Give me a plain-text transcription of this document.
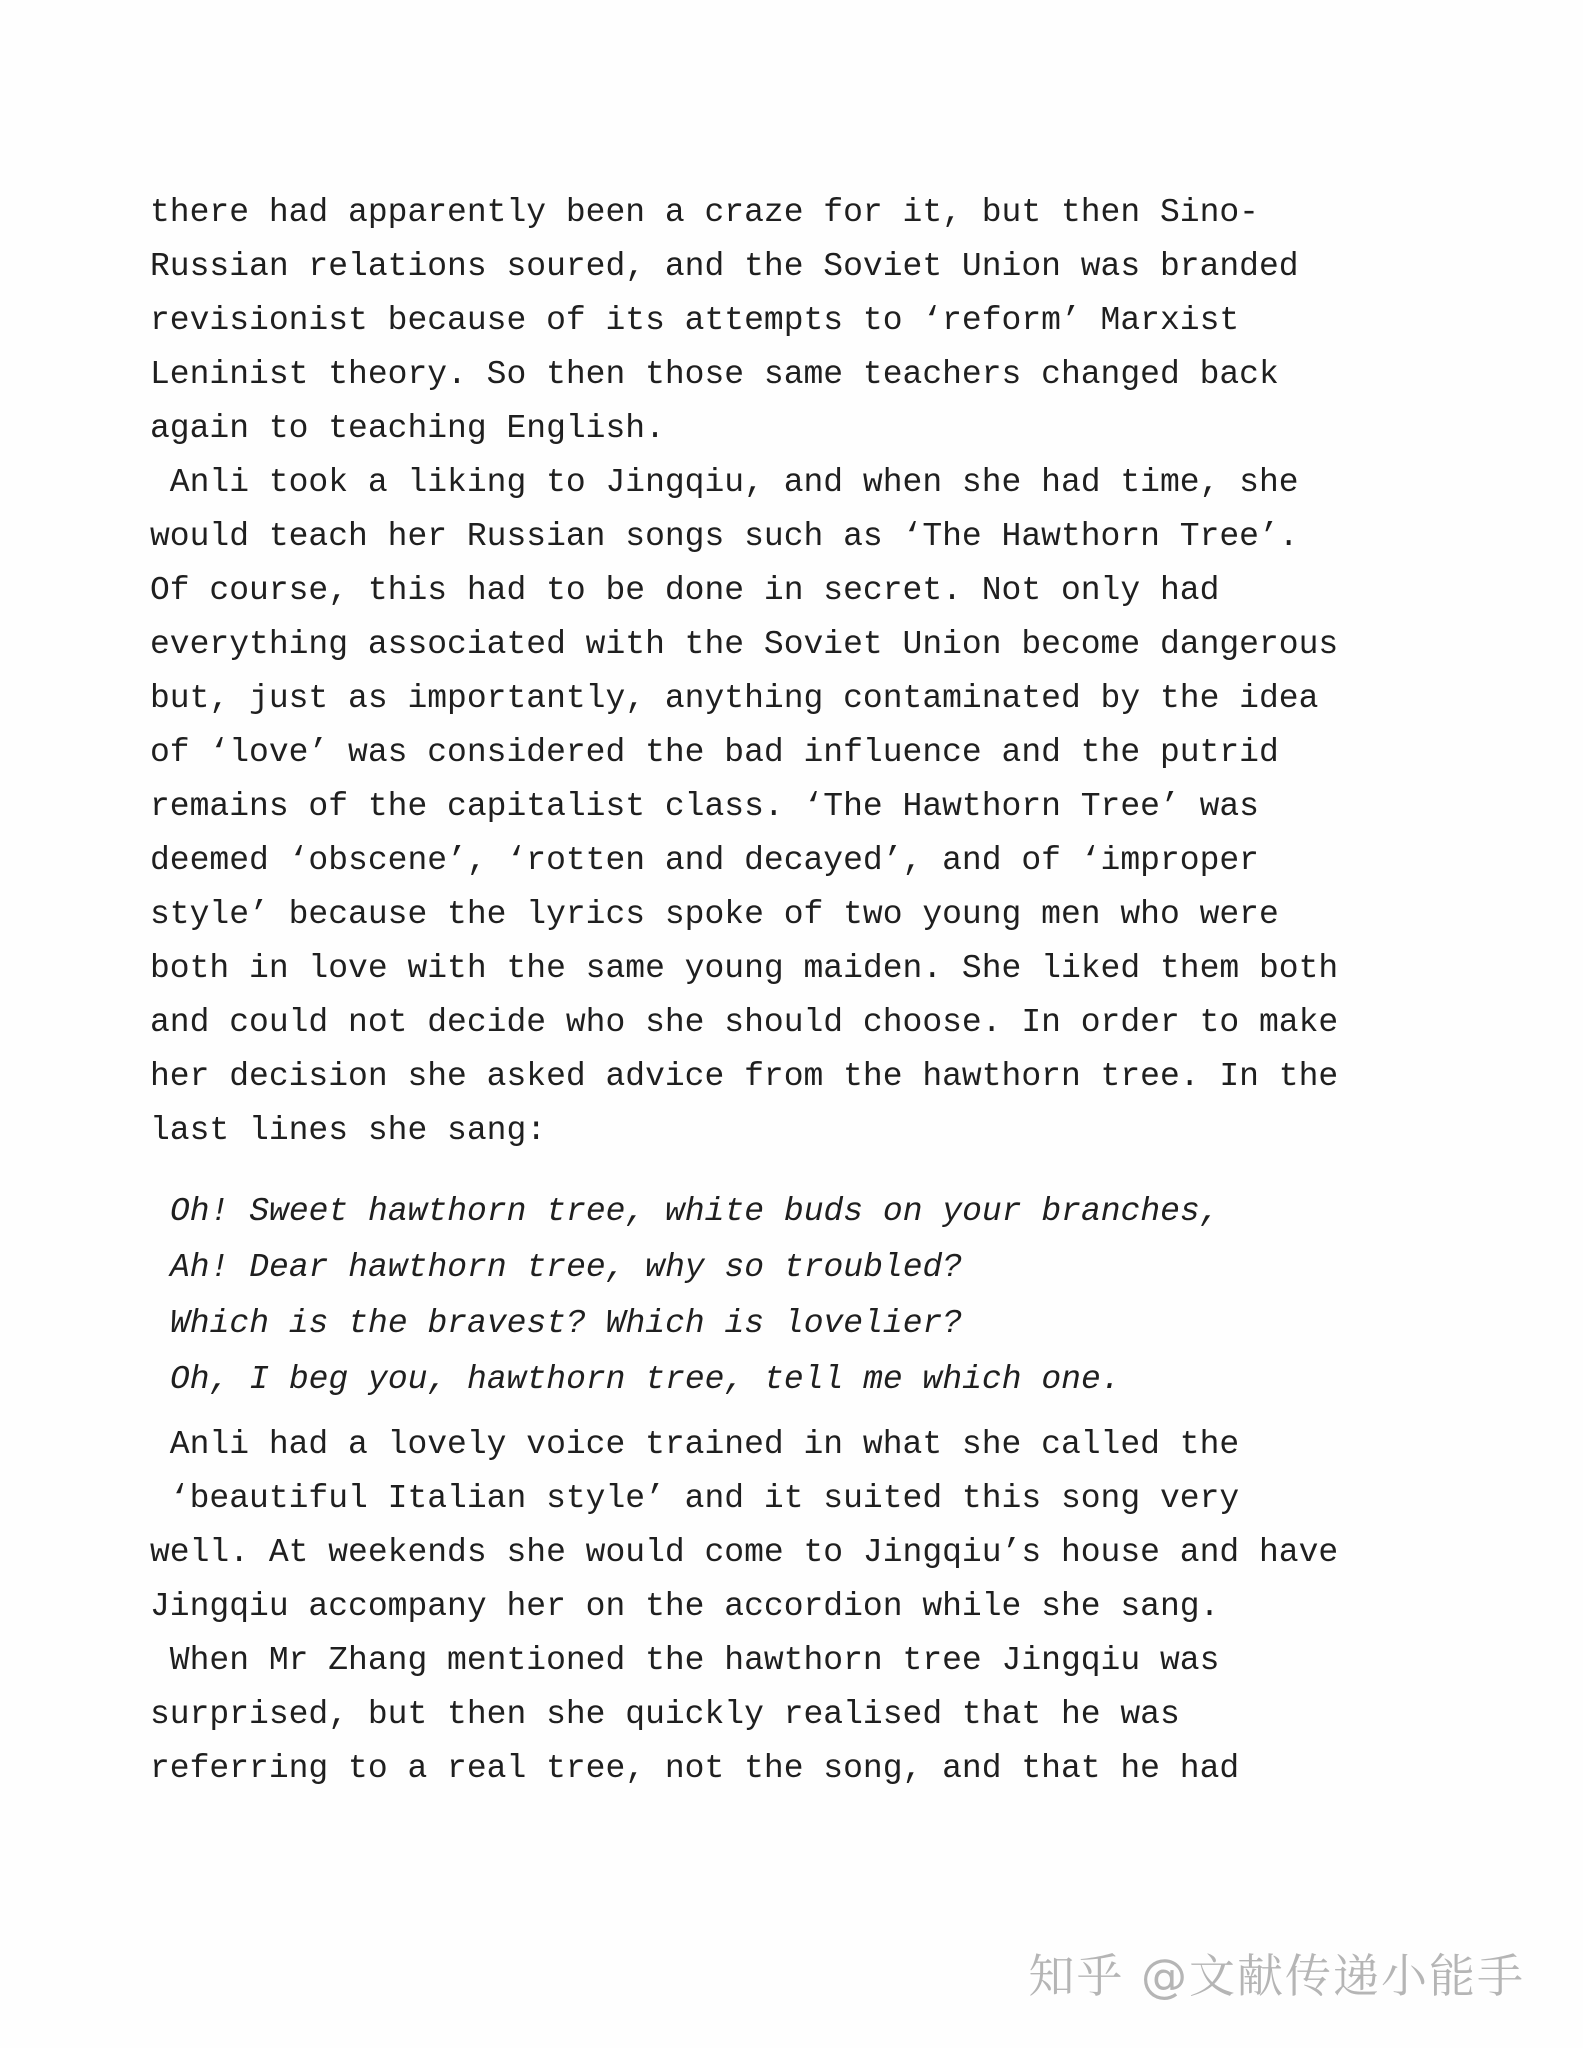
there had apparently been a craze for it, but then Sino-
Russian relations soured, and the Soviet Union was branded
revisionist because of its attempts to ‘reform’ Marxist
Leninist theory. So then those same teachers changed back
again to teaching English.
Anli took a liking to Jingqiu, and when she had time, she
would teach her Russian songs such as ‘The Hawthorn Tree’.
Of course, this had to be done in secret. Not only had
everything associated with the Soviet Union become dangerous
but, just as importantly, anything contaminated by the idea
of ‘love’ was considered the bad influence and the putrid
remains of the capitalist class. ‘The Hawthorn Tree’ was
deemed ‘obscene’, ‘rotten and decayed’, and of ‘improper
style’ because the lyrics spoke of two young men who were
both in love with the same young maiden. She liked them both
and could not decide who she should choose. In order to make
her decision she asked advice from the hawthorn tree. In the
last lines she sang:
Oh! Sweet hawthorn tree, white buds on your branches,
Ah! Dear hawthorn tree, why so troubled?
Which is the bravest? Which is lovelier?
Oh, I beg you, hawthorn tree, tell me which one.
Anli had a lovely voice trained in what she called the
‘beautiful Italian style’ and it suited this song very
well. At weekends she would come to Jingqiu’s house and have
Jingqiu accompany her on the accordion while she sang.
When Mr Zhang mentioned the hawthorn tree Jingqiu was
surprised, but then she quickly realised that he was
referring to a real tree, not the song, and that he had
知乎 @文献传递小能手
